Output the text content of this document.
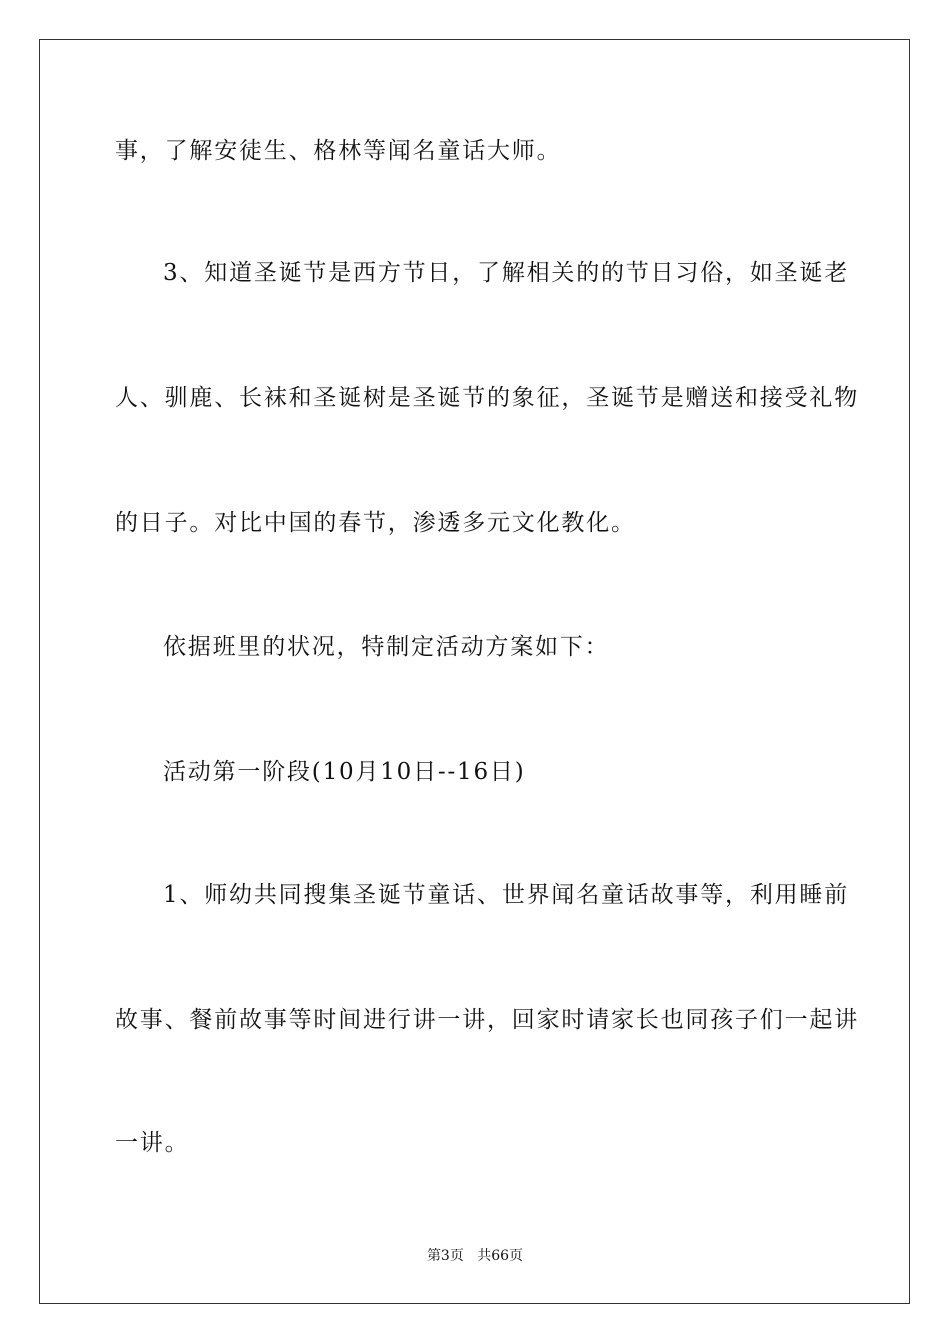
事，了解安徒生、格林等闻名童话大师。
3、知道圣诞节是西方节日，了解相关的的节日习俗，如圣诞老
人、驯鹿、长袜和圣诞树是圣诞节的象征，圣诞节是赠送和接受礼物
的日子。对比中国的春节，渗透多元文化教化。
依据班里的状况，特制定活动方案如下：
活动第一阶段(10月10日--16日)
1、师幼共同搜集圣诞节童话、世界闻名童话故事等，利用睡前
故事、餐前故事等时间进行讲一讲，回家时请家长也同孩子们一起讲
一讲。
第3页 共66页
